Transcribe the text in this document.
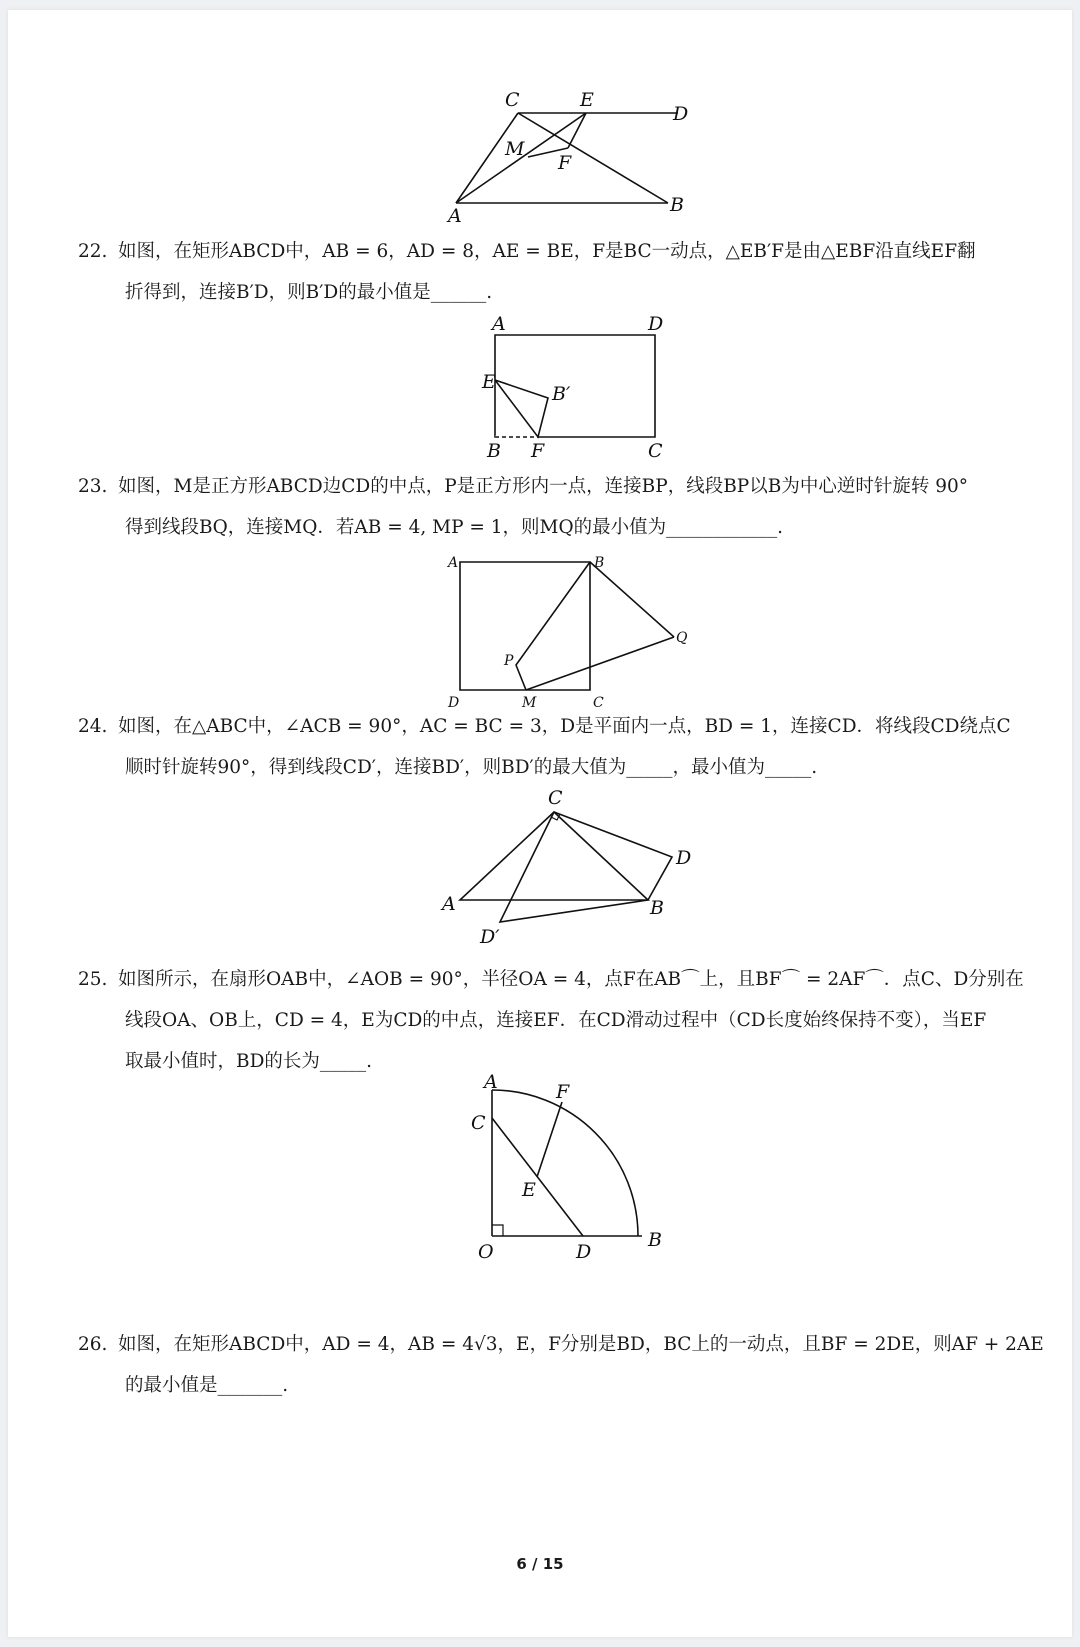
C	E
D
M
F
A	B
22. 如图，在矩形ABCD中，AB = 6，AD = 8，AE = BE，F是BC一动点，△EB′F是由△EBF沿直线EF翻
折得到，连接B′D，则B′D的最小值是______.
A	D
E
B′
B F	C
23. 如图，M是正方形ABCD边CD的中点，P是正方形内一点，连接BP，线段BP以B为中心逆时针旋转 90°
得到线段BQ，连接MQ．若AB = 4, MP = 1，则MQ的最小值为____________.
A	B
P
Q
D	M	C
24. 如图，在△ABC中，∠ACB = 90°，AC = BC = 3，D是平面内一点，BD = 1，连接CD．将线段CD绕点C
顺时针旋转90°，得到线段CD′，连接BD′，则BD′的最大值为_____，最小值为_____.
C
D
A	B
D′
25. 如图所示，在扇形OAB中，∠AOB = 90°，半径OA = 4，点F在AB⌒上，且BF⌒ = 2AF⌒．点C、D分别在
线段OA、OB上，CD = 4，E为CD的中点，连接EF．在CD滑动过程中（CD长度始终保持不变），当EF
取最小值时，BD的长为_____.
A	F
C
E
O	D
B
26. 如图，在矩形ABCD中，AD = 4，AB = 4√3，E，F分别是BD，BC上的一动点，且BF = 2DE，则AF + 2AE
的最小值是_______.
6 / 15
